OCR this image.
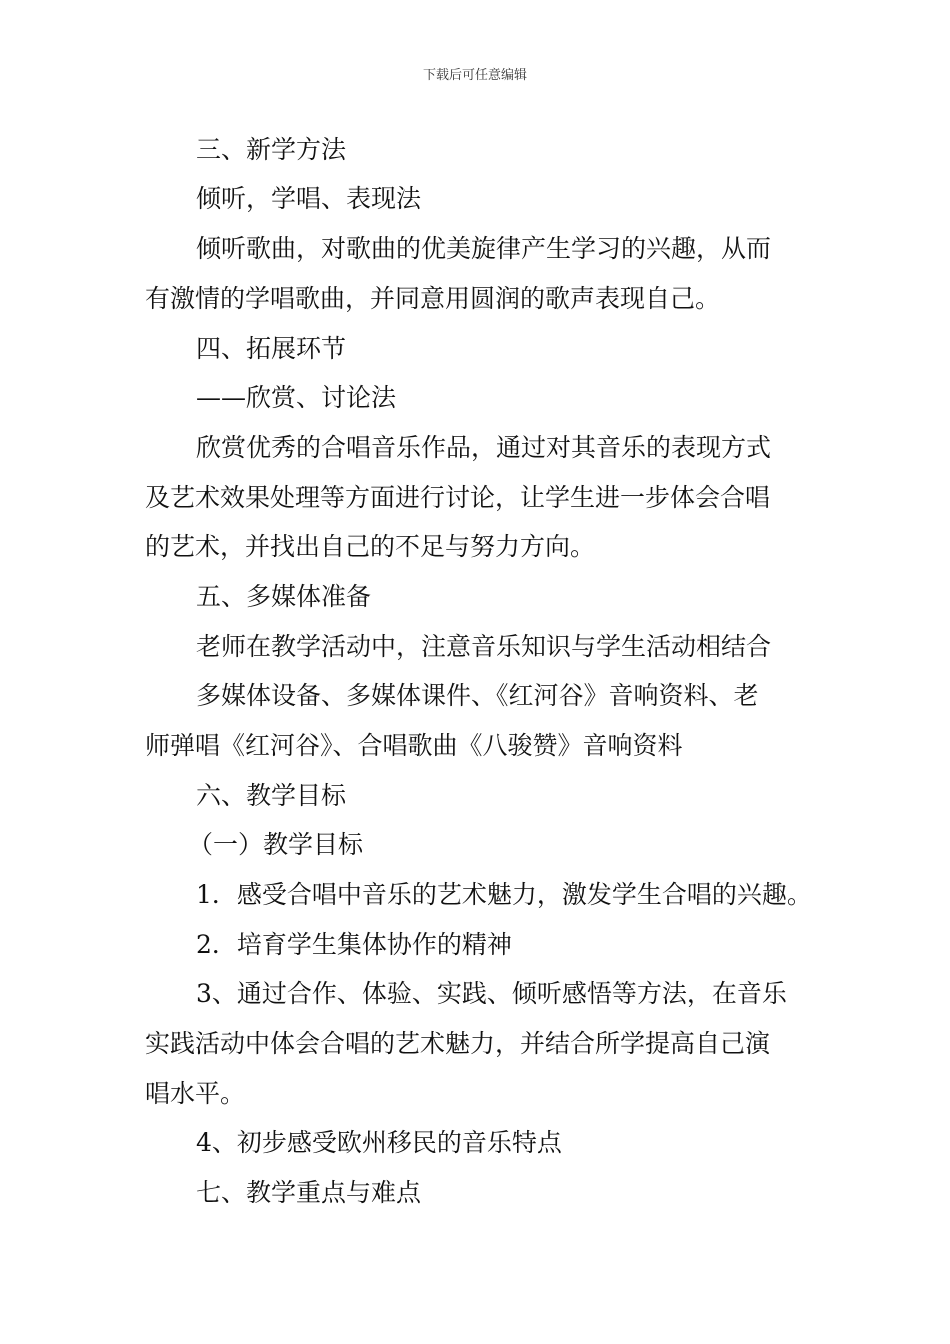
下载后可任意编辑
三、新学方法
倾听，学唱、表现法
倾听歌曲，对歌曲的优美旋律产生学习的兴趣，从而
有激情的学唱歌曲，并同意用圆润的歌声表现自己。
四、拓展环节
——欣赏、讨论法
欣赏优秀的合唱音乐作品，通过对其音乐的表现方式
及艺术效果处理等方面进行讨论，让学生进一步体会合唱
的艺术，并找出自己的不足与努力方向。
五、多媒体准备
老师在教学活动中，注意音乐知识与学生活动相结合
多媒体设备、多媒体课件、《红河谷》音响资料、老
师弹唱《红河谷》、合唱歌曲《八骏赞》音响资料
六、教学目标
（一）教学目标
1．感受合唱中音乐的艺术魅力，激发学生合唱的兴趣。
2．培育学生集体协作的精神
3、通过合作、体验、实践、倾听感悟等方法，在音乐
实践活动中体会合唱的艺术魅力，并结合所学提高自己演
唱水平。
4、初步感受欧州移民的音乐特点
七、教学重点与难点
